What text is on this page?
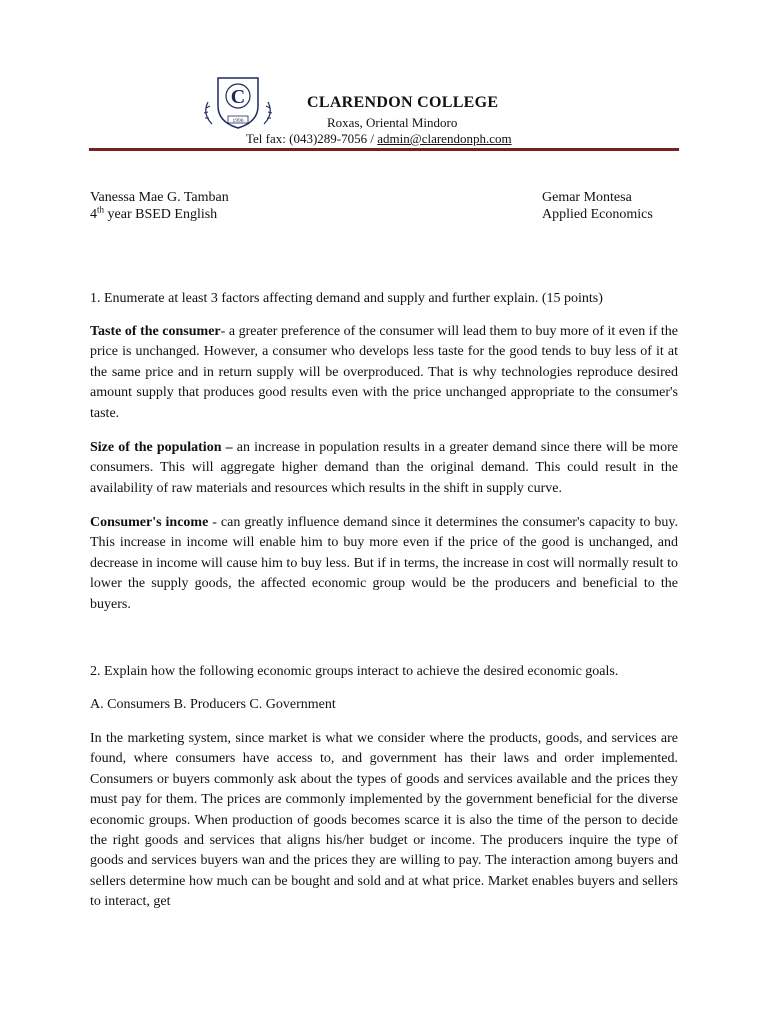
C
1996
CLARENDON COLLEGE
Roxas, Oriental Mindoro
Tel fax: (043)289-7056 / admin@clarendonph.com
Vanessa Mae G. Tamban
4th year BSED English
Gemar Montesa
Applied Economics
1. Enumerate at least 3 factors affecting demand and supply and further explain. (15 points)
Taste of the consumer- a greater preference of the consumer will lead them to buy more of it even if the price is unchanged. However, a consumer who develops less taste for the good tends to buy less of it at the same price and in return supply will be overproduced. That is why technologies reproduce desired amount supply that produces good results even with the price unchanged appropriate to the consumer's taste.
Size of the population – an increase in population results in a greater demand since there will be more consumers. This will aggregate higher demand than the original demand. This could result in the availability of raw materials and resources which results in the shift in supply curve.
Consumer's income - can greatly influence demand since it determines the consumer's capacity to buy. This increase in income will enable him to buy more even if the price of the good is unchanged, and decrease in income will cause him to buy less. But if in terms, the increase in cost will normally result to lower the supply goods, the affected economic group would be the producers and beneficial to the buyers.
2. Explain how the following economic groups interact to achieve the desired economic goals.
A. Consumers B. Producers C. Government
In the marketing system, since market is what we consider where the products, goods, and services are found, where consumers have access to, and government has their laws and order implemented. Consumers or buyers commonly ask about the types of goods and services available and the prices they must pay for them. The prices are commonly implemented by the government beneficial for the diverse economic groups. When production of goods becomes scarce it is also the time of the person to decide the right goods and services that aligns his/her budget or income. The producers inquire the type of goods and services buyers wan and the prices they are willing to pay. The interaction among buyers and sellers determine how much can be bought and sold and at what price. Market enables buyers and sellers to interact, get
